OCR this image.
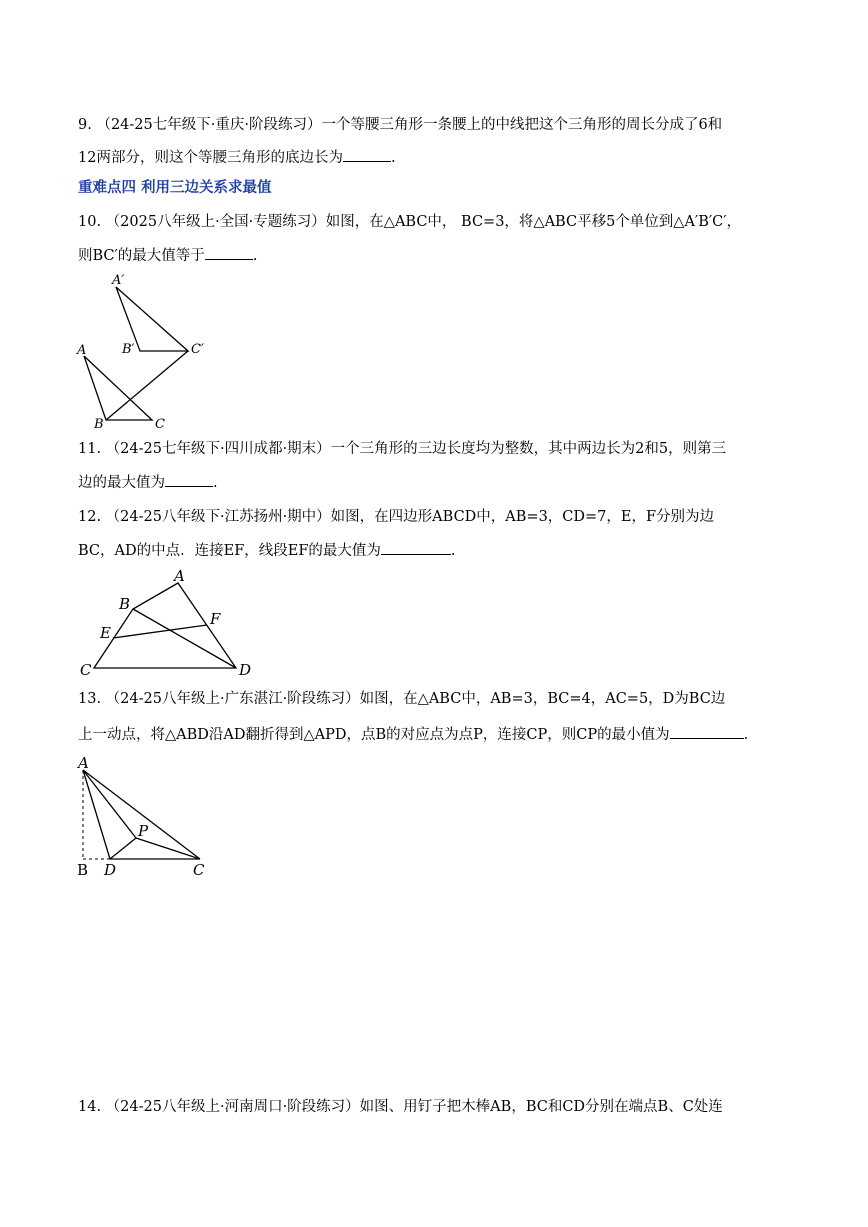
9. （24-25七年级下·重庆·阶段练习）一个等腰三角形一条腰上的中线把这个三角形的周长分成了6和
12两部分，则这个等腰三角形的底边长为	.
重难点四 利用三边关系求最值
10. （2025八年级上·全国·专题练习）如图，在△ABC中， BC=3，将△ABC平移5个单位到△A′B′C′，
则BC′的最大值等于	.
A′
B′	C′
A
B	C
11. （24-25七年级下·四川成都·期末）一个三角形的三边长度均为整数，其中两边长为2和5，则第三
边的最大值为	.
12. （24-25八年级下·江苏扬州·期中）如图，在四边形ABCD中，AB=3，CD=7，E，F分别为边
BC，AD的中点．连接EF，线段EF的最大值为	.
A
B
E
F
C	D
13. （24-25八年级上·广东湛江·阶段练习）如图，在△ABC中，AB=3，BC=4，AC=5，D为BC边
上一动点，将△ABD沿AD翻折得到△APD，点B的对应点为点P，连接CP，则CP的最小值为	.
A
P
B D	C
14. （24-25八年级上·河南周口·阶段练习）如图、用钉子把木棒AB，BC和CD分别在端点B、C处连
